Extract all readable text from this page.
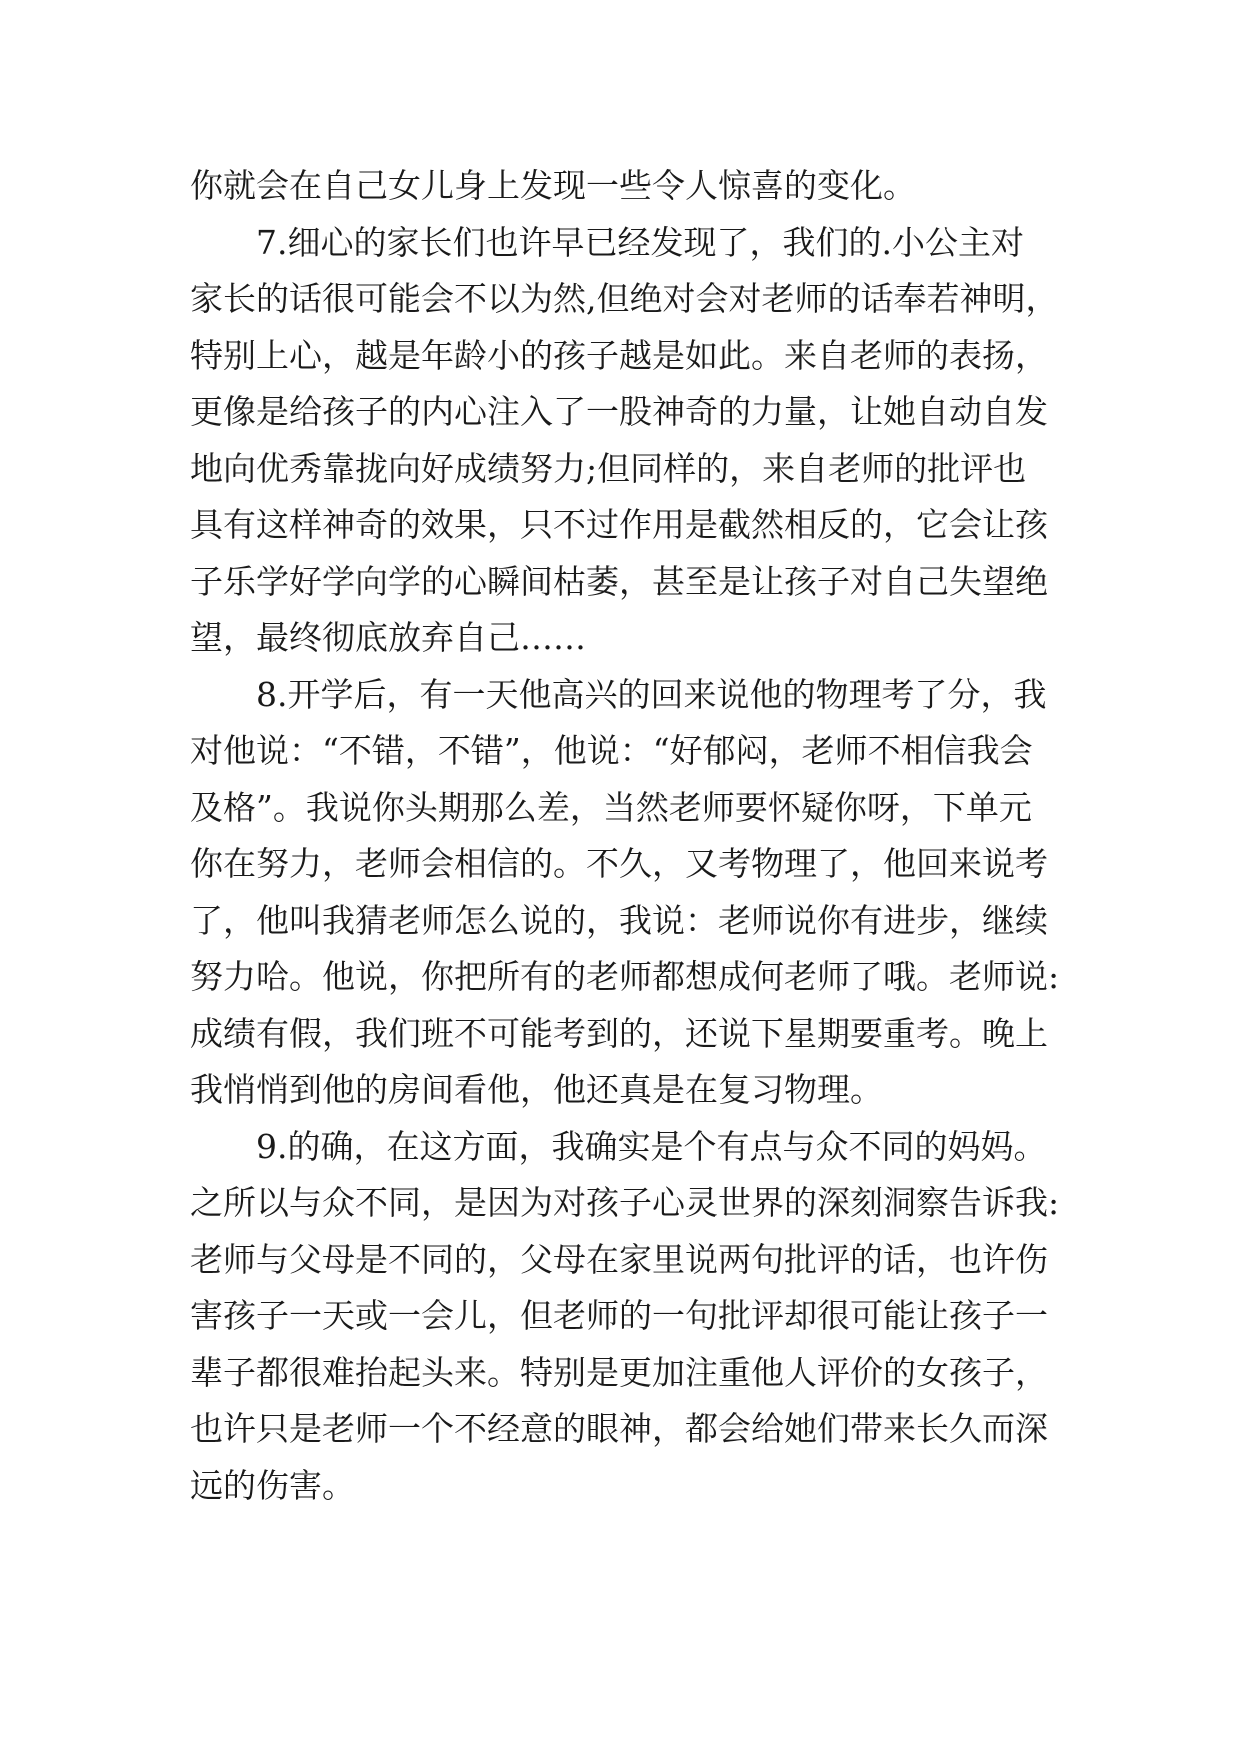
你就会在自己女儿身上发现一些令人惊喜的变化。
7.细心的家长们也许早已经发现了，我们的.小公主对
家长的话很可能会不以为然,但绝对会对老师的话奉若神明，
特别上心，越是年龄小的孩子越是如此。来自老师的表扬，
更像是给孩子的内心注入了一股神奇的力量，让她自动自发
地向优秀靠拢向好成绩努力;但同样的，来自老师的批评也
具有这样神奇的效果，只不过作用是截然相反的，它会让孩
子乐学好学向学的心瞬间枯萎，甚至是让孩子对自己失望绝
望，最终彻底放弃自己……
8.开学后，有一天他高兴的回来说他的物理考了分，我
对他说：“不错，不错”，他说：“好郁闷，老师不相信我会
及格”。我说你头期那么差，当然老师要怀疑你呀，下单元
你在努力，老师会相信的。不久，又考物理了，他回来说考
了，他叫我猜老师怎么说的，我说：老师说你有进步，继续
努力哈。他说，你把所有的老师都想成何老师了哦。老师说:
成绩有假，我们班不可能考到的，还说下星期要重考。晚上
我悄悄到他的房间看他，他还真是在复习物理。
9.的确，在这方面，我确实是个有点与众不同的妈妈。
之所以与众不同，是因为对孩子心灵世界的深刻洞察告诉我:
老师与父母是不同的，父母在家里说两句批评的话，也许伤
害孩子一天或一会儿，但老师的一句批评却很可能让孩子一
辈子都很难抬起头来。特别是更加注重他人评价的女孩子，
也许只是老师一个不经意的眼神，都会给她们带来长久而深
远的伤害。
